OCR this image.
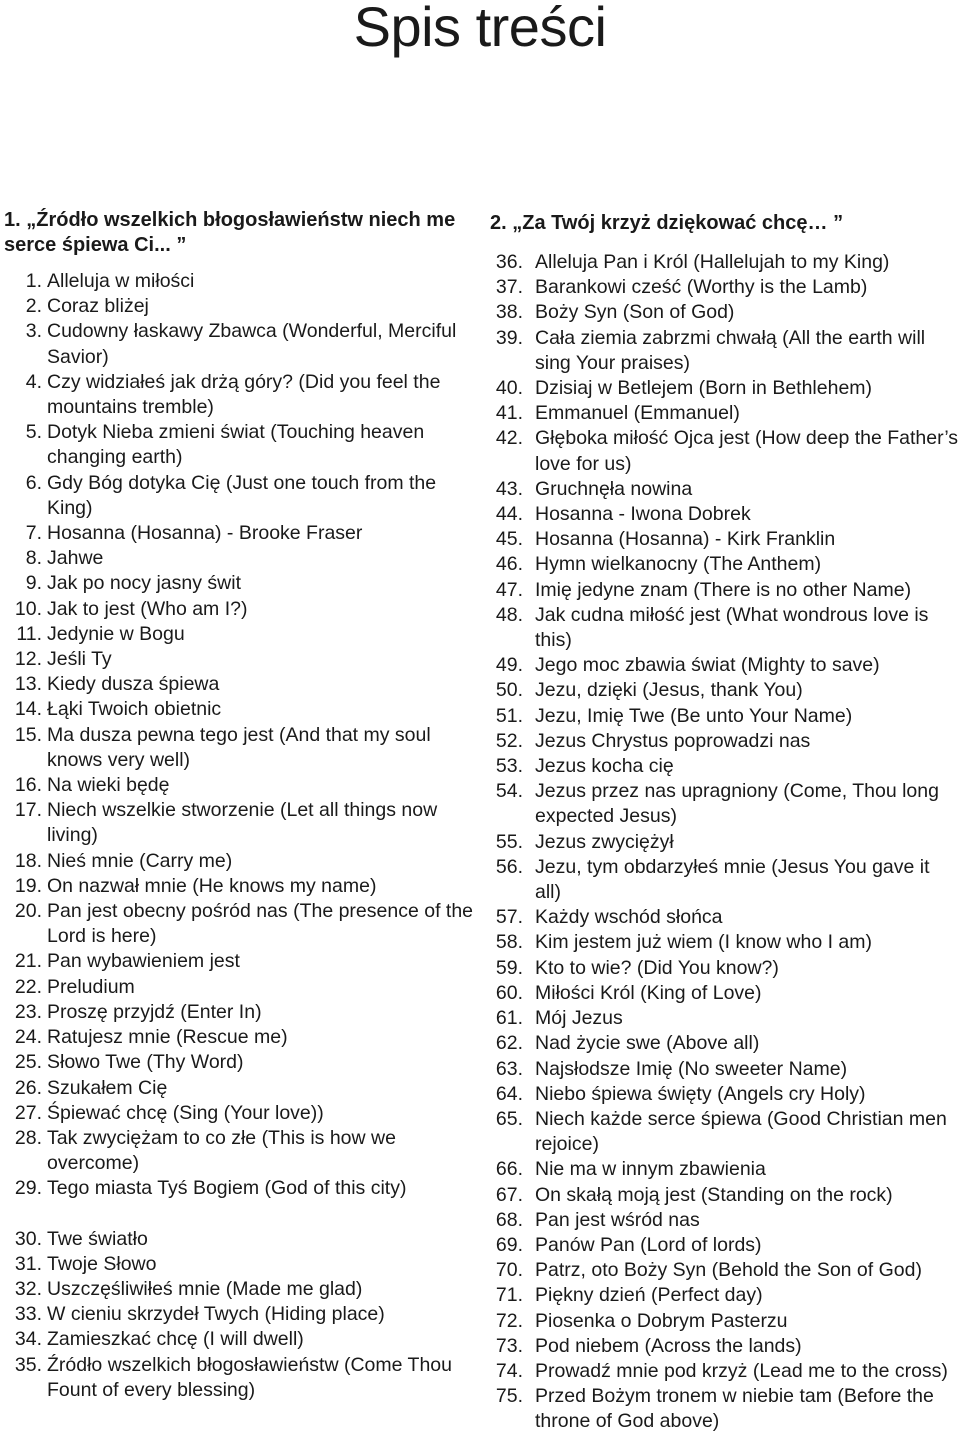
Spis treści

1. „Źródło wszelkich błogosławieństw niech me serce śpiewa Ci... ”

1. Alleluja w miłości
2. Coraz bliżej
3. Cudowny łaskawy Zbawca (Wonderful, Merciful Savior)
4. Czy widziałeś jak drżą góry? (Did you feel the mountains tremble)
5. Dotyk Nieba zmieni świat (Touching heaven changing earth)
6. Gdy Bóg dotyka Cię (Just one touch from the King)
7. Hosanna (Hosanna) - Brooke Fraser
8. Jahwe
9. Jak po nocy jasny świt
10. Jak to jest (Who am I?)
11. Jedynie w Bogu
12. Jeśli Ty
13. Kiedy dusza śpiewa
14. Łąki Twoich obietnic
15. Ma dusza pewna tego jest (And that my soul knows very well)
16. Na wieki będę
17. Niech wszelkie stworzenie (Let all things now living)
18. Nieś mnie (Carry me)
19. On nazwał mnie (He knows my name)
20. Pan jest obecny pośród nas (The presence of the Lord is here)
21. Pan wybawieniem jest
22. Preludium
23. Proszę przyjdź (Enter In)
24. Ratujesz mnie (Rescue me)
25. Słowo Twe (Thy Word)
26. Szukałem Cię
27. Śpiewać chcę (Sing (Your love))
28. Tak zwyciężam to co złe (This is how we overcome)
29. Tego miasta Tyś Bogiem (God of this city)
30. Twe światło
31. Twoje Słowo
32. Uszczęśliwiłeś mnie (Made me glad)
33. W cieniu skrzydeł Twych (Hiding place)
34. Zamieszkać chcę (I will dwell)
35. Źródło wszelkich błogosławieństw (Come Thou Fount of every blessing)

2. „Za Twój krzyż dziękować chcę… ”

36. Alleluja Pan i Król (Hallelujah to my King)
37. Barankowi cześć (Worthy is the Lamb)
38. Boży Syn (Son of God)
39. Cała ziemia zabrzmi chwałą (All the earth will sing Your praises)
40. Dzisiaj w Betlejem (Born in Bethlehem)
41. Emmanuel (Emmanuel)
42. Głęboka miłość Ojca jest (How deep the Father’s love for us)
43. Gruchnęła nowina
44. Hosanna - Iwona Dobrek
45. Hosanna (Hosanna) - Kirk Franklin
46. Hymn wielkanocny (The Anthem)
47. Imię jedyne znam (There is no other Name)
48. Jak cudna miłość jest (What wondrous love is this)
49. Jego moc zbawia świat (Mighty to save)
50. Jezu, dzięki (Jesus, thank You)
51. Jezu, Imię Twe (Be unto Your Name)
52. Jezus Chrystus poprowadzi nas
53. Jezus kocha cię
54. Jezus przez nas upragniony (Come, Thou long expected Jesus)
55. Jezus zwyciężył
56. Jezu, tym obdarzyłeś mnie (Jesus You gave it all)
57. Każdy wschód słońca
58. Kim jestem już wiem (I know who I am)
59. Kto to wie? (Did You know?)
60. Miłości Król (King of Love)
61. Mój Jezus
62. Nad życie swe (Above all)
63. Najsłodsze Imię (No sweeter Name)
64. Niebo śpiewa święty (Angels cry Holy)
65. Niech każde serce śpiewa (Good Christian men rejoice)
66. Nie ma w innym zbawienia
67. On skałą moją jest (Standing on the rock)
68. Pan jest wśród nas
69. Panów Pan (Lord of lords)
70. Patrz, oto Boży Syn (Behold the Son of God)
71. Piękny dzień (Perfect day)
72. Piosenka o Dobrym Pasterzu
73. Pod niebem (Across the lands)
74. Prowadź mnie pod krzyż (Lead me to the cross)
75. Przed Bożym tronem w niebie tam (Before the throne of God above)
